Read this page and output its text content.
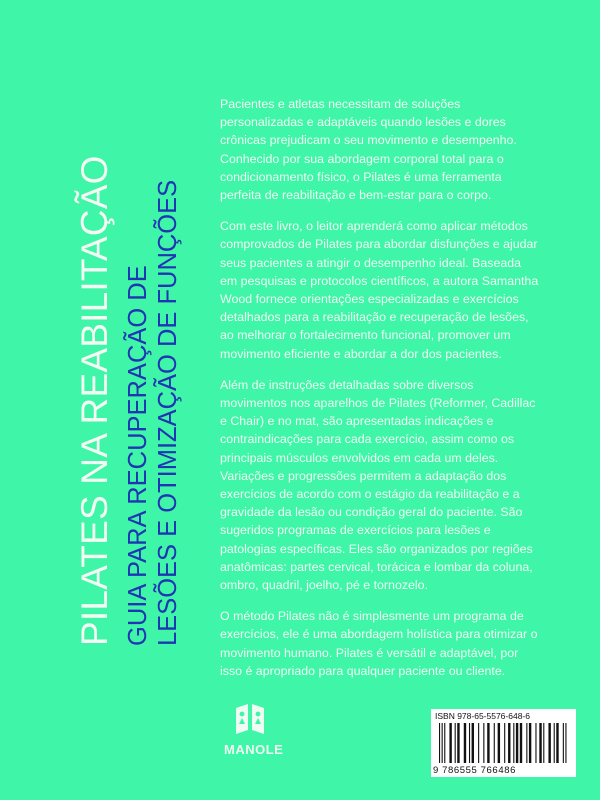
PILATES NA REABILITAÇÃO GUIA PARA RECUPERAÇÃO DE LESÕES E OTIMIZAÇÃO DE FUNÇÕES

Pacientes e atletas necessitam de soluções personalizadas e adaptáveis quando lesões e dores crônicas prejudicam o seu movimento e desempenho. Conhecido por sua abordagem corporal total para o condicionamento físico, o Pilates é uma ferramenta perfeita de reabilitação e bem-estar para o corpo.

Com este livro, o leitor aprenderá como aplicar métodos comprovados de Pilates para abordar disfunções e ajudar seus pacientes a atingir o desempenho ideal. Baseada em pesquisas e protocolos científicos, a autora Samantha Wood fornece orientações especializadas e exercícios detalhados para a reabilitação e recuperação de lesões, ao melhorar o fortalecimento funcional, promover um movimento eficiente e abordar a dor dos pacientes.

Além de instruções detalhadas sobre diversos movimentos nos aparelhos de Pilates (Reformer, Cadillac e Chair) e no mat, são apresentadas indicações e contraindicações para cada exercício, assim como os principais músculos envolvidos em cada um deles. Variações e progressões permitem a adaptação dos exercícios de acordo com o estágio da reabilitação e a gravidade da lesão ou condição geral do paciente. São sugeridos programas de exercícios para lesões e patologias específicas. Eles são organizados por regiões anatômicas: partes cervical, torácica e lombar da coluna, ombro, quadril, joelho, pé e tornozelo.

O método Pilates não é simplesmente um programa de exercícios, ele é uma abordagem holística para otimizar o movimento humano. Pilates é versátil e adaptável, por isso é apropriado para qualquer paciente ou cliente.

MANOLE
ISBN 978-65-5576-648-6
9 786555 766486
